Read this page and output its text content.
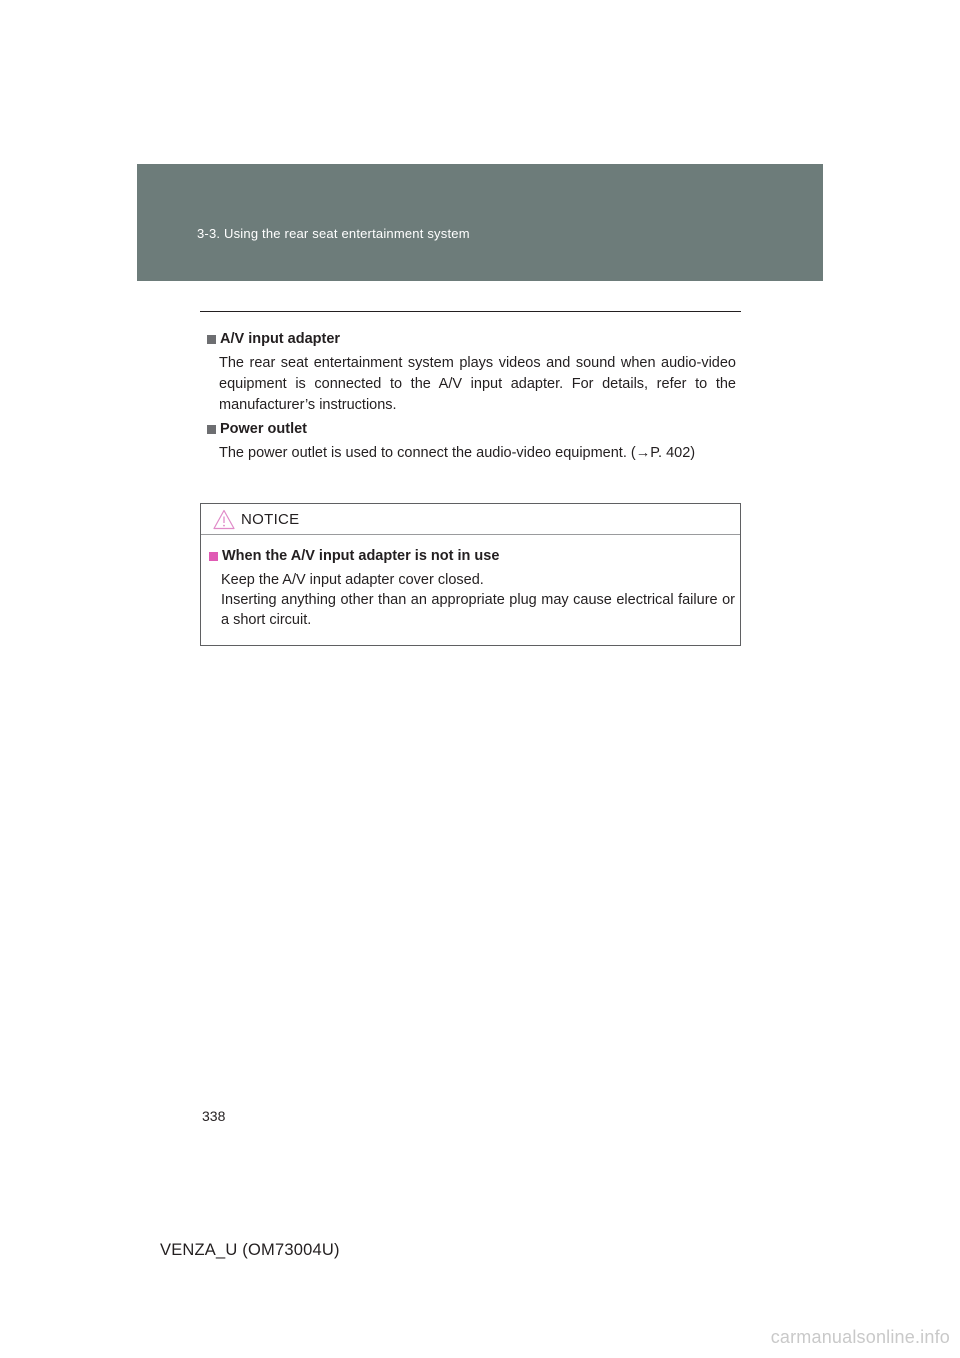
3-3. Using the rear seat entertainment system
A/V input adapter
The rear seat entertainment system plays videos and sound when audio-video equipment is connected to the A/V input adapter. For details, refer to the manufacturer’s instructions.
Power outlet
The power outlet is used to connect the audio-video equipment. (→P. 402)
NOTICE
When the A/V input adapter is not in use
Keep the A/V input adapter cover closed.
Inserting anything other than an appropriate plug may cause electrical failure or a short circuit.
338
VENZA_U (OM73004U)
carmanualsonline.info
